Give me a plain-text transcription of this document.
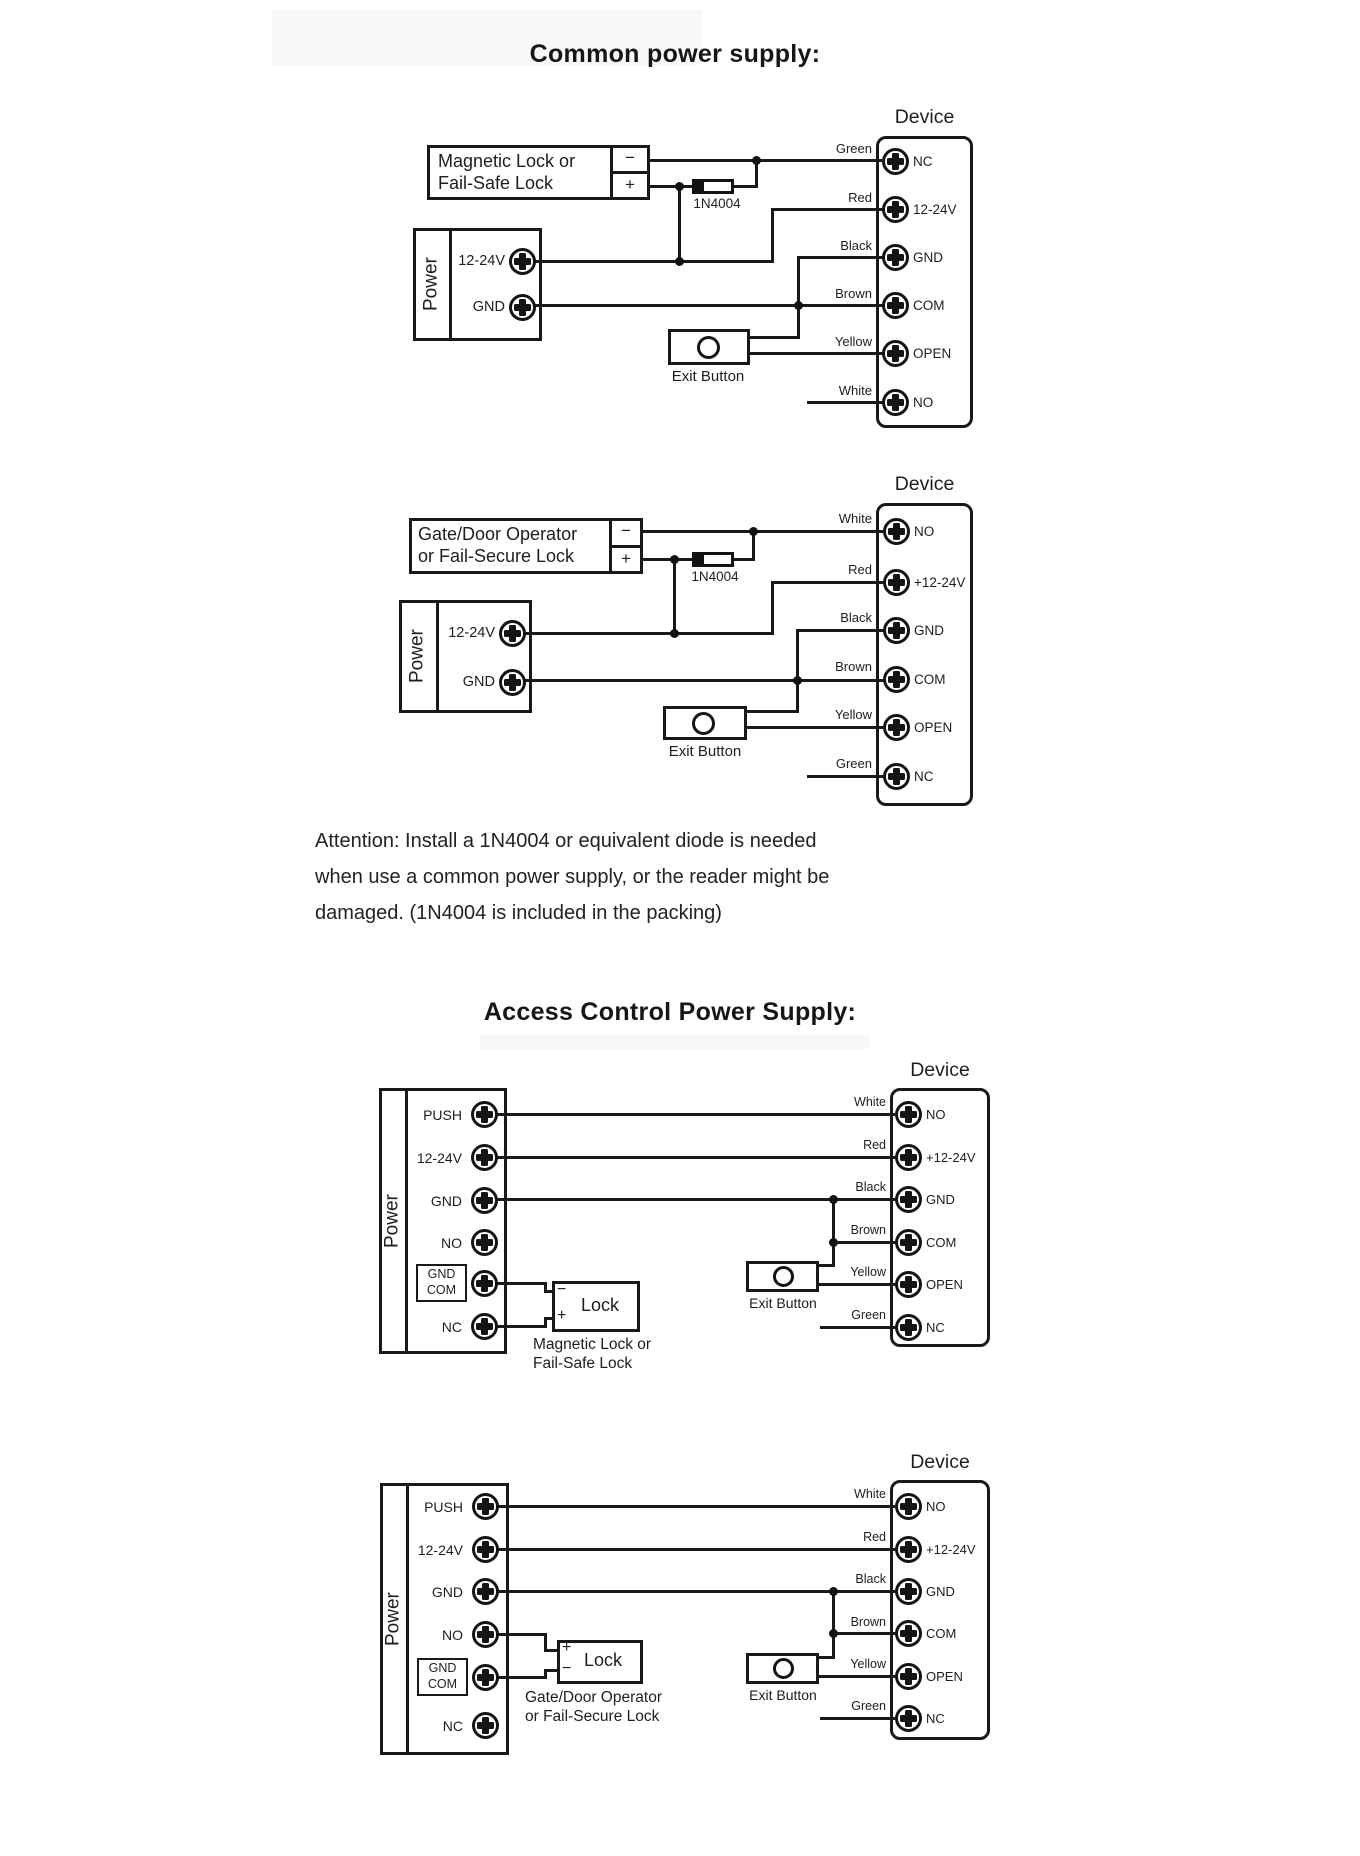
Common power supply:
Device
1N4004
Magnetic Lock or
Fail-Safe Lock
−
+
Power	12-24V
GND
Exit Button
NC
12-24V
GND
COM
OPEN
NO
Green
Red
Black
Brown
Yellow
White
Device
1N4004
Gate/Door Operator
or Fail-Secure Lock
−
+
Power	12-24V
GND
Exit Button
NO
+12-24V
GND
COM
OPEN
NC
White
Red
Black
Brown
Yellow
Green
Attention: Install a 1N4004 or equivalent diode is needed
when use a common power supply, or the reader might be
damaged. (1N4004 is included in the packing)
Access Control Power Supply:
Device
Power
PUSH
12-24V
GND
NO
GND
COM
NC
Lock
−
+
Magnetic Lock or
Fail-Safe Lock
Exit Button
NO
+12-24V
GND
COM
OPEN
NC
White
Red
Black
Brown
Yellow
Green
Device
Power
PUSH
12-24V
GND
NO
GND
COM
NC
Lock
+
−
Gate/Door Operator
or Fail-Secure Lock
Exit Button
NO
+12-24V
GND
COM
OPEN
NC
White
Red
Black
Brown
Yellow
Green
